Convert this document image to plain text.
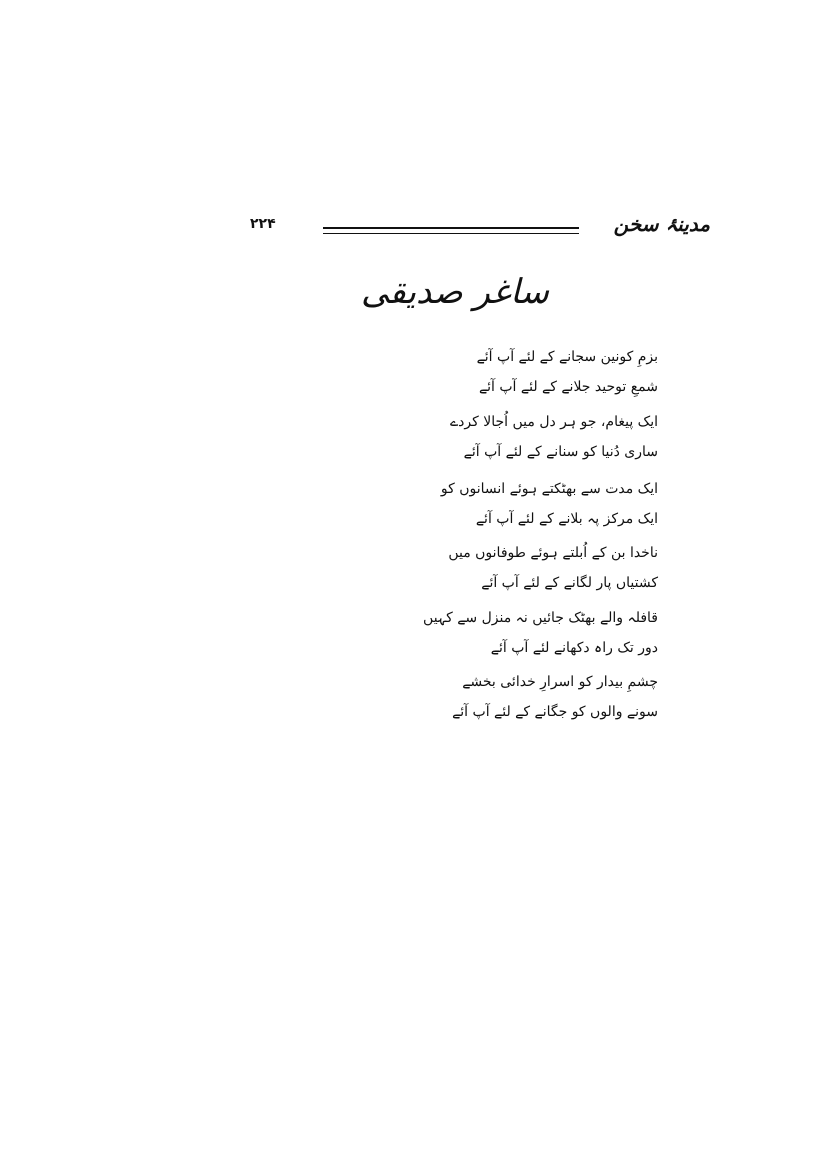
۲۲۴	مدینۂ سخن
ساغر صدیقی
بزمِ کونین سجانے کے لئے آپ آئے
شمعِ توحید جلانے کے لئے آپ آئے
ایک پیغام، جو ہر دل میں اُجالا کردے
ساری دُنیا کو سنانے کے لئے آپ آئے
ایک مدت سے بھٹکتے ہوئے انسانوں کو
ایک مرکز پہ بلانے کے لئے آپ آئے
ناخدا بن کے اُبلتے ہوئے طوفانوں میں
کشتیاں پار لگانے کے لئے آپ آئے
قافلہ والے بھٹک جائیں نہ منزل سے کہیں
دور تک راہ دکھانے لئے آپ آئے
چشمِ بیدار کو اسرارِ خدائی بخشے
سونے والوں کو جگانے کے لئے آپ آئے
